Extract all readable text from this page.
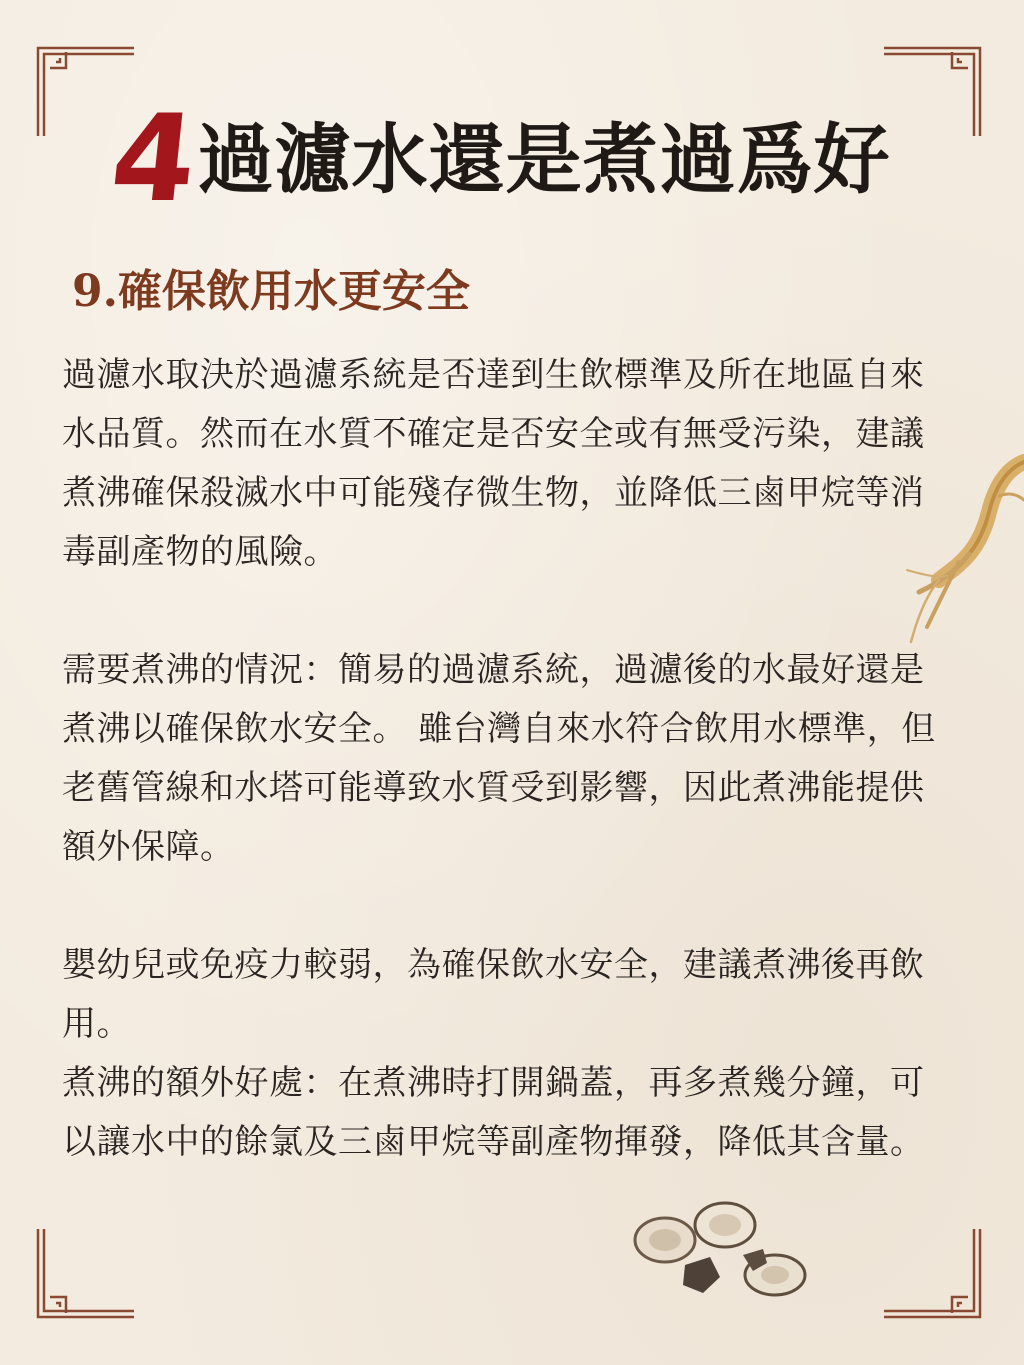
4
過濾水還是煮過爲好
9.確保飲用水更安全

過濾水取決於過濾系統是否達到生飲標準及所在地區自來水品質。然而在水質不確定是否安全或有無受污染，建議煮沸確保殺滅水中可能殘存微生物，並降低三鹵甲烷等消毒副產物的風險。

需要煮沸的情況：簡易的過濾系統，過濾後的水最好還是煮沸以確保飲水安全。 雖台灣自來水符合飲用水標準，但老舊管線和水塔可能導致水質受到影響，因此煮沸能提供額外保障。

嬰幼兒或免疫力較弱，為確保飲水安全，建議煮沸後再飲用。

煮沸的額外好處：在煮沸時打開鍋蓋，再多煮幾分鐘，可以讓水中的餘氯及三鹵甲烷等副產物揮發，降低其含量。
